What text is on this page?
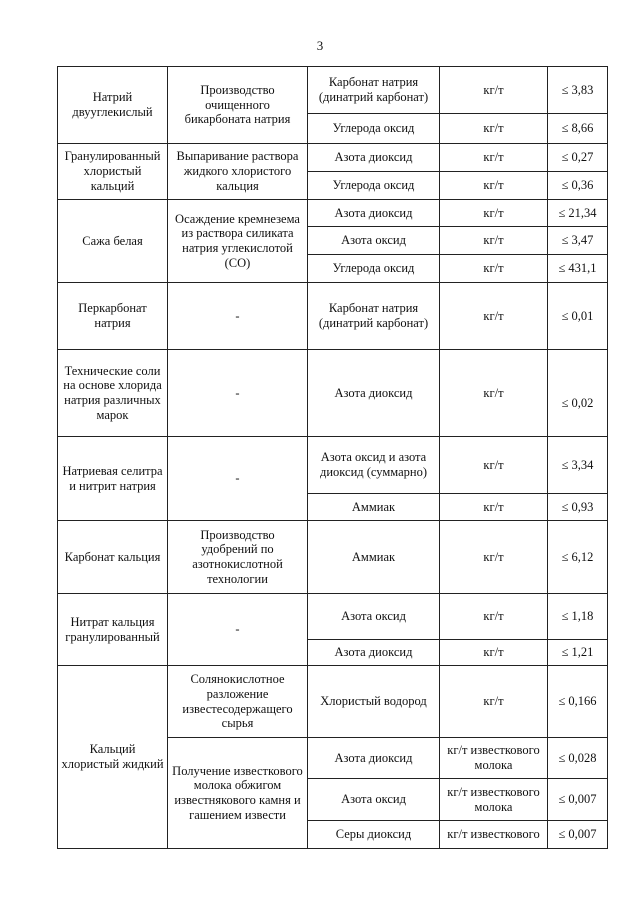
3
Натрий двууглекислый	Производство очищенного бикарбоната натрия	Карбонат натрия (динатрий карбонат)	кг/т	≤ 3,83
		Углерода оксид	кг/т	≤ 8,66
Гранулированный хлористый кальций	Выпаривание раствора жидкого хлористого кальция	Азота диоксид	кг/т	≤ 0,27
		Углерода оксид	кг/т	≤ 0,36
Сажа белая	Осаждение кремнезема из раствора силиката натрия углекислотой (СО)	Азота диоксид	кг/т	≤ 21,34
		Азота оксид	кг/т	≤ 3,47
		Углерода оксид	кг/т	≤ 431,1
Перкарбонат натрия	-	Карбонат натрия (динатрий карбонат)	кг/т	≤ 0,01
Технические соли на основе хлорида натрия различных марок	-	Азота диоксид	кг/т	≤ 0,02
Натриевая селитра и нитрит натрия	-	Азота оксид и азота диоксид (суммарно)	кг/т	≤ 3,34
		Аммиак	кг/т	≤ 0,93
Карбонат кальция	Производство удобрений по азотнокислотной технологии	Аммиак	кг/т	≤ 6,12
Нитрат кальция гранулированный	-	Азота оксид	кг/т	≤ 1,18
		Азота диоксид	кг/т	≤ 1,21
Кальций хлористый жидкий	Солянокислотное разложение известесодержащего сырья	Хлористый водород	кг/т	≤ 0,166
	Получение известкового молока обжигом известнякового камня и гашением извести	Азота диоксид	кг/т известкового молока	≤ 0,028
		Азота оксид	кг/т известкового молока	≤ 0,007
		Серы диоксид	кг/т известкового	≤ 0,007
